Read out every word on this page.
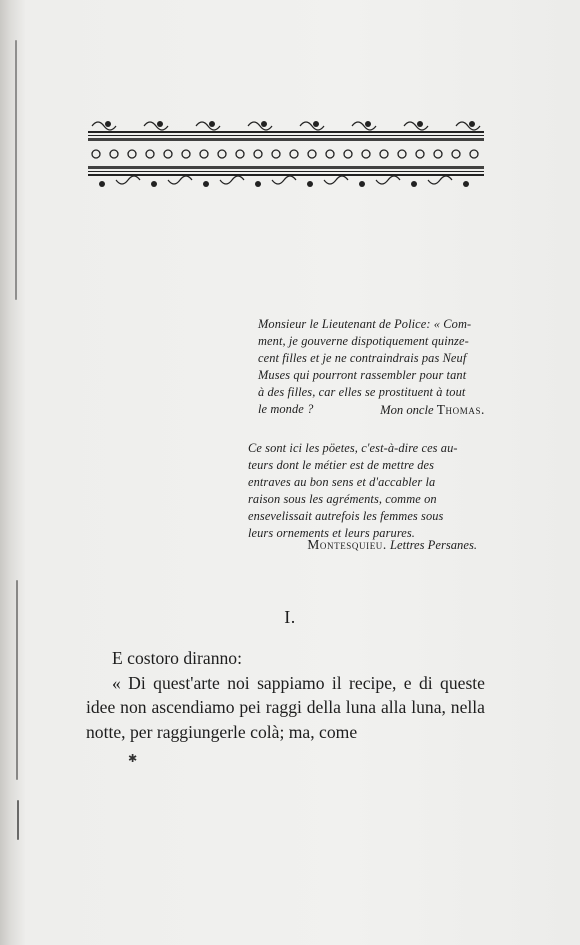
Monsieur le Lieutenant de Police: « Com-
ment, je gouverne dispotiquement quinze-
cent filles et je ne contraindrais pas Neuf
Muses qui pourront rassembler pour tant
à des filles, car elles se prostituent à tout
le monde ?	Mon oncle Thomas.
Ce sont ici les pöetes, c'est-à-dire ces au-
teurs dont le métier est de mettre des
entraves au bon sens et d'accabler la
raison sous les agréments, comme on
ensevelissait autrefois les femmes sous
leurs ornements et leurs parures.
Montesquieu. Lettres Persanes.
I.

E costoro diranno:

« Di quest'arte noi sappiamo il recipe, e di queste idee non ascendiamo pei raggi della luna alla luna, nella notte, per raggiungerle colà; ma, come

✱
